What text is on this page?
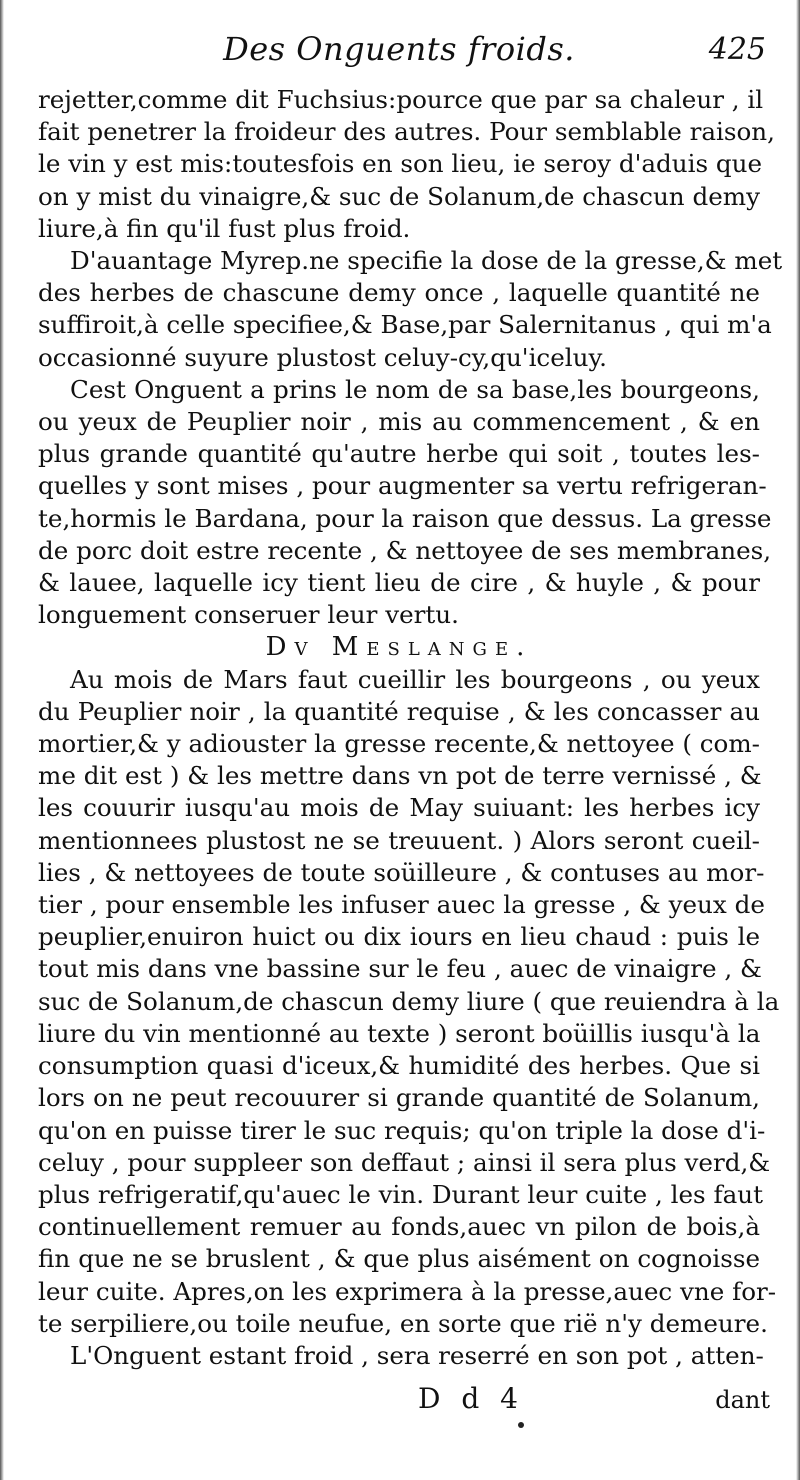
Des Onguents froids.	425
rejetter,comme dit Fuchsius:pource que par sa chaleur , il
fait penetrer la froideur des autres. Pour semblable raison,
le vin y est mis:toutesfois en son lieu, ie seroy d'aduis que
on y mist du vinaigre,& suc de Solanum,de chascun demy
liure,à fin qu'il fust plus froid.
D'auantage Myrep.ne specifie la dose de la gresse,& met
des herbes de chascune demy once , laquelle quantité ne
suffiroit,à celle specifiee,& Base,par Salernitanus , qui m'a
occasionné suyure plustost celuy-cy,qu'iceluy.
Cest Onguent a prins le nom de sa base,les bourgeons,
ou yeux de Peuplier noir , mis au commencement , & en
plus grande quantité qu'autre herbe qui soit , toutes les-
quelles y sont mises , pour augmenter sa vertu refrigeran-
te,hormis le Bardana, pour la raison que dessus. La gresse
de porc doit estre recente , & nettoyee de ses membranes,
& lauee, laquelle icy tient lieu de cire , & huyle , & pour
longuement conseruer leur vertu.
Dv Meslange.
Au mois de Mars faut cueillir les bourgeons , ou yeux
du Peuplier noir , la quantité requise , & les concasser au
mortier,& y adiouster la gresse recente,& nettoyee ( com-
me dit est ) & les mettre dans vn pot de terre vernissé , &
les couurir iusqu'au mois de May suiuant: les herbes icy
mentionnees plustost ne se treuuent. ) Alors seront cueil-
lies , & nettoyees de toute soüilleure , & contuses au mor-
tier , pour ensemble les infuser auec la gresse , & yeux de
peuplier,enuiron huict ou dix iours en lieu chaud : puis le
tout mis dans vne bassine sur le feu , auec de vinaigre , &
suc de Solanum,de chascun demy liure ( que reuiendra à la
liure du vin mentionné au texte ) seront boüillis iusqu'à la
consumption quasi d'iceux,& humidité des herbes. Que si
lors on ne peut recouurer si grande quantité de Solanum,
qu'on en puisse tirer le suc requis; qu'on triple la dose d'i-
celuy , pour suppleer son deffaut ; ainsi il sera plus verd,&
plus refrigeratif,qu'auec le vin. Durant leur cuite , les faut
continuellement remuer au fonds,auec vn pilon de bois,à
fin que ne se bruslent , & que plus aisément on cognoisse
leur cuite. Apres,on les exprimera à la presse,auec vne for-
te serpiliere,ou toile neufue, en sorte que rië n'y demeure.
L'Onguent estant froid , sera reserré en son pot , atten-
D d 4	dant
